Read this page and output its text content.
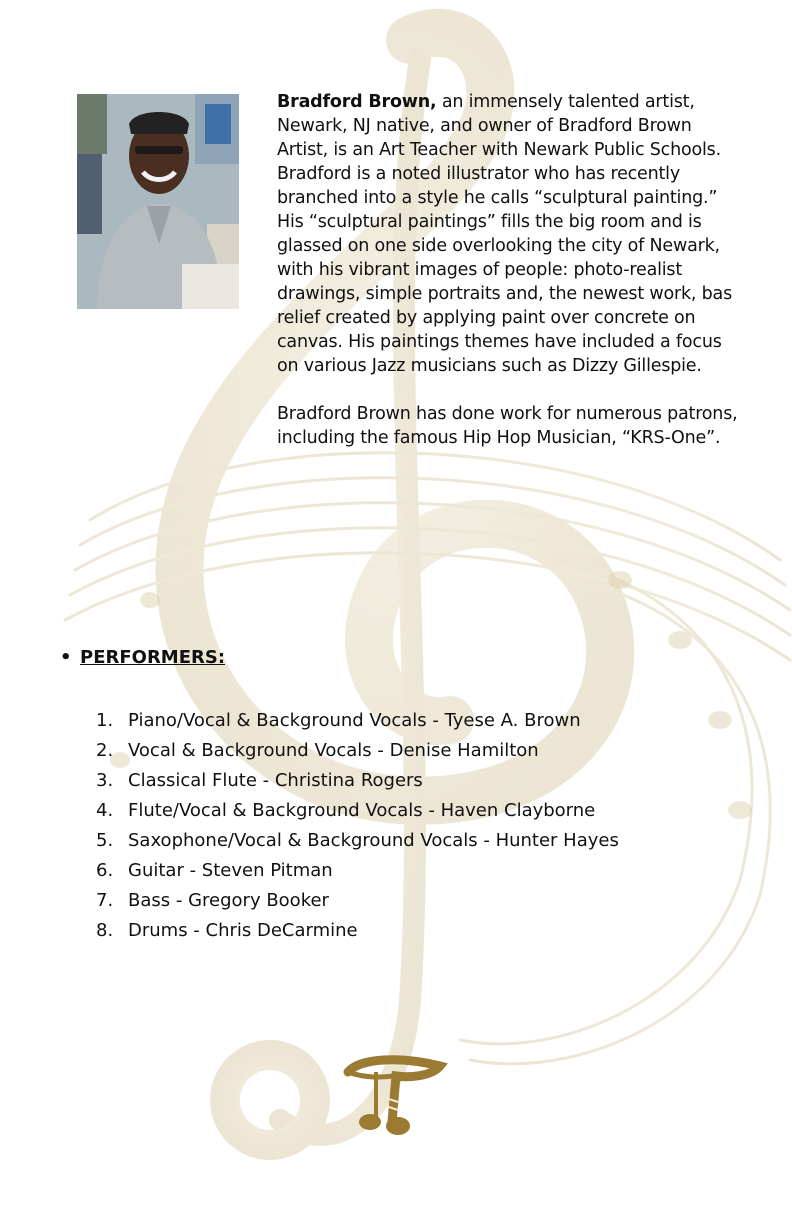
Bradford Brown, an immensely talented artist, Newark, NJ native, and owner of Bradford Brown Artist, is an Art Teacher with Newark Public Schools. Bradford is a noted illustrator who has recently branched into a style he calls “sculptural painting.” His “sculptural paintings” fills the big room and is glassed on one side overlooking the city of Newark, with his vibrant images of people: photo-realist drawings, simple portraits and, the newest work, bas relief created by applying paint over concrete on canvas. His paintings themes have included a focus on various Jazz musicians such as Dizzy Gillespie.

Bradford Brown has done work for numerous patrons, including the famous Hip Hop Musician, “KRS-One”.

• PERFORMERS:
1. Piano/Vocal & Background Vocals - Tyese A. Brown
2. Vocal & Background Vocals - Denise Hamilton
3. Classical Flute - Christina Rogers
4. Flute/Vocal & Background Vocals - Haven Clayborne
5. Saxophone/Vocal & Background Vocals - Hunter Hayes
6. Guitar - Steven Pitman
7. Bass - Gregory Booker
8. Drums - Chris DeCarmine
